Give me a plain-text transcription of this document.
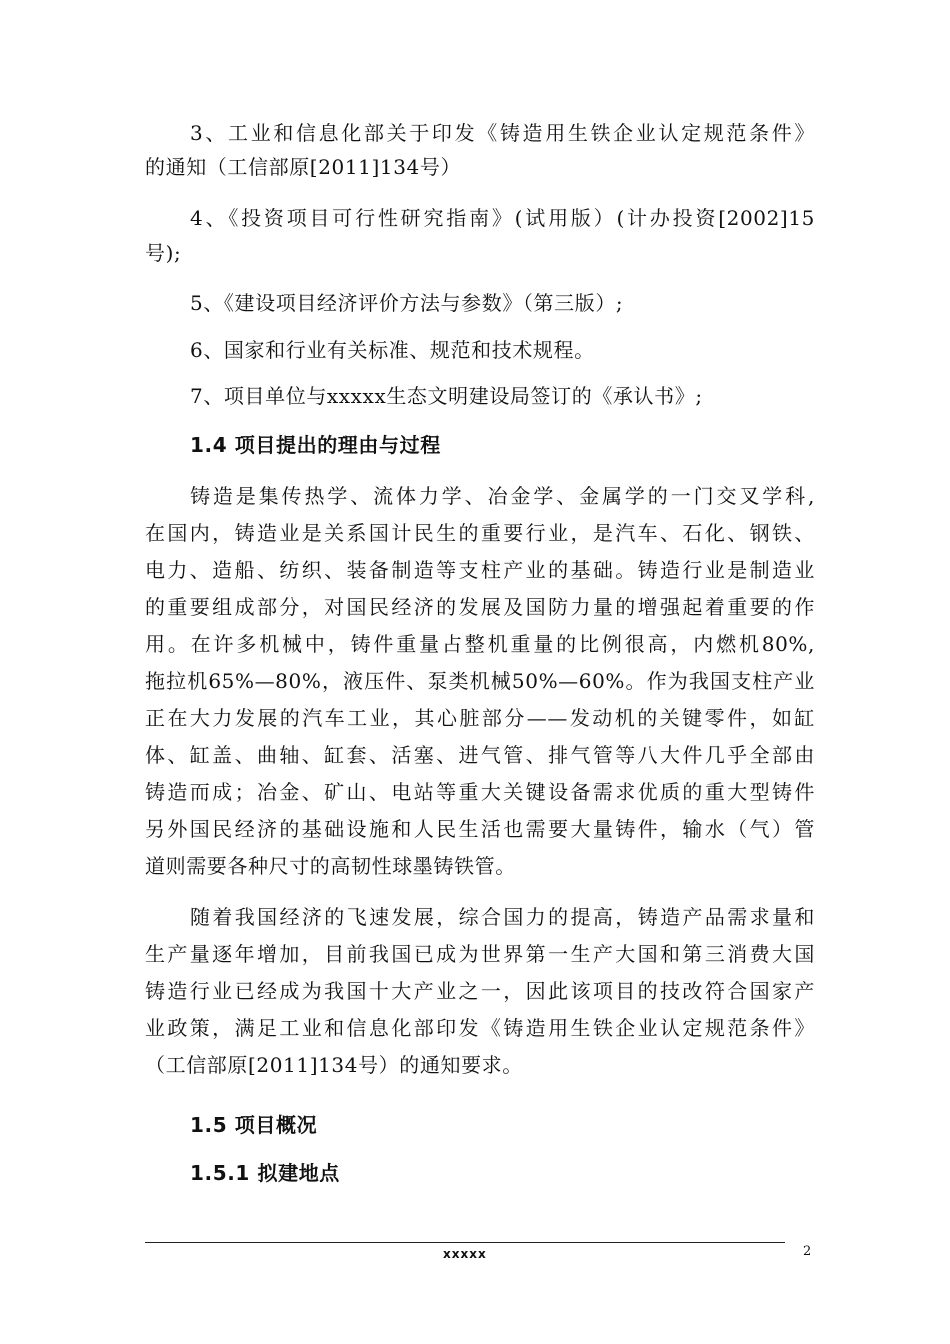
3、工业和信息化部关于印发《铸造用生铁企业认定规范条件》
的通知（工信部原[2011]134号）
4、《投资项目可行性研究指南》(试用版）(计办投资[2002]15
号);
5、《建设项目经济评价方法与参数》（第三版）;
6、国家和行业有关标准、规范和技术规程。
7、项目单位与xxxxx生态文明建设局签订的《承认书》;
1.4 项目提出的理由与过程
铸造是集传热学、流体力学、冶金学、金属学的一门交叉学科,
在国内，铸造业是关系国计民生的重要行业，是汽车、石化、钢铁、
电力、造船、纺织、装备制造等支柱产业的基础。铸造行业是制造业
的重要组成部分，对国民经济的发展及国防力量的增强起着重要的作
用。在许多机械中，铸件重量占整机重量的比例很高，内燃机80%,
拖拉机65%—80%，液压件、泵类机械50%—60%。作为我国支柱产业
正在大力发展的汽车工业，其心脏部分——发动机的关键零件，如缸
体、缸盖、曲轴、缸套、活塞、进气管、排气管等八大件几乎全部由
铸造而成；冶金、矿山、电站等重大关键设备需求优质的重大型铸件
另外国民经济的基础设施和人民生活也需要大量铸件，输水（气）管
道则需要各种尺寸的高韧性球墨铸铁管。
随着我国经济的飞速发展，综合国力的提高，铸造产品需求量和
生产量逐年增加，目前我国已成为世界第一生产大国和第三消费大国
铸造行业已经成为我国十大产业之一，因此该项目的技改符合国家产
业政策，满足工业和信息化部印发《铸造用生铁企业认定规范条件》
（工信部原[2011]134号）的通知要求。
1.5 项目概况
1.5.1 拟建地点
xxxxx	2
